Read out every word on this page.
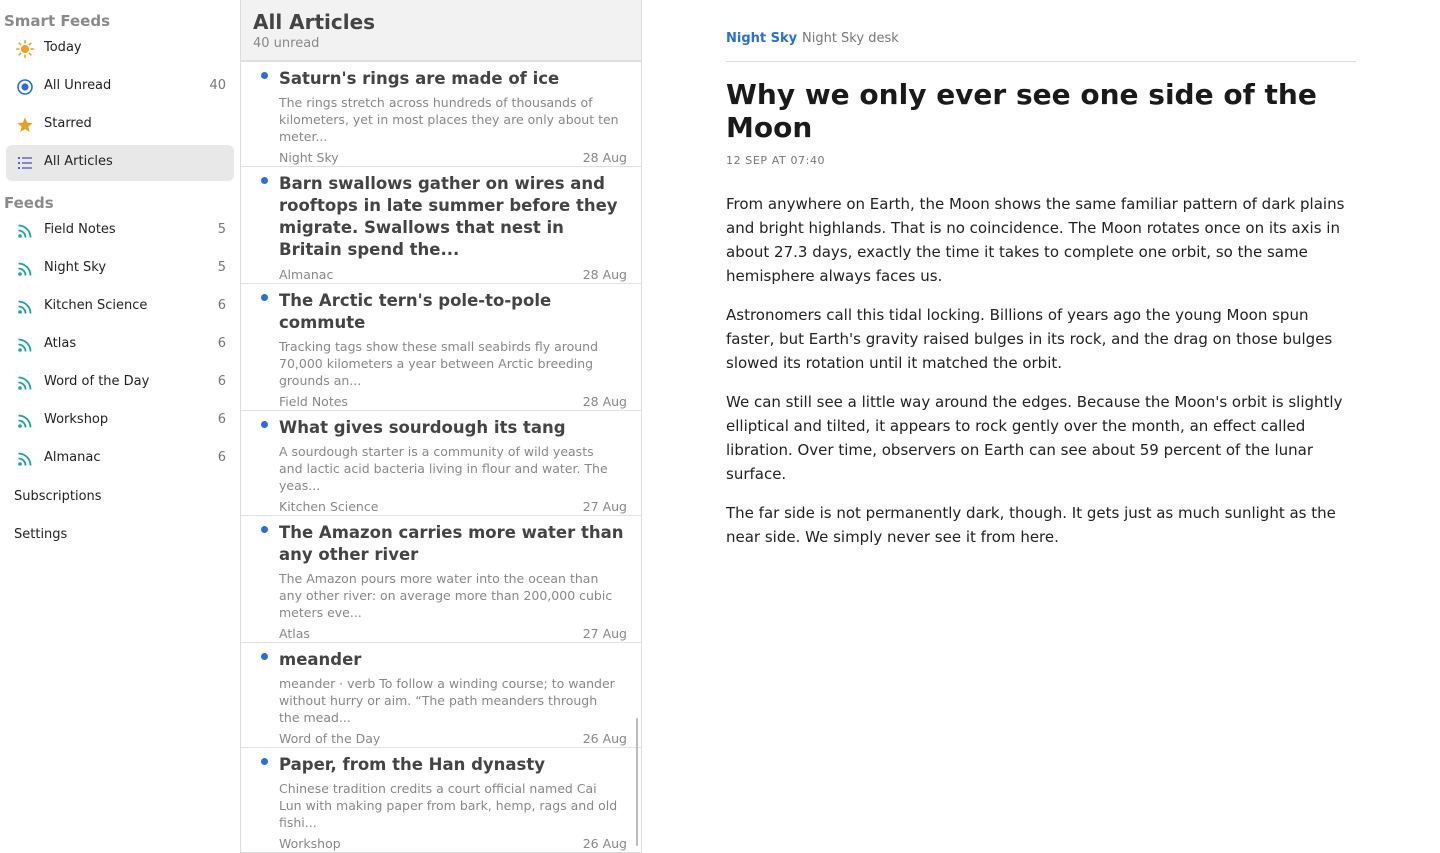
Smart Feeds
Today
All Unread	40
Starred
All Articles
Feeds
Field Notes	5
Night Sky	5
Kitchen Science	6
Atlas	6
Word of the Day	6
Workshop	6
Almanac	6
Subscriptions
Settings
All Articles
40 unread
Saturn's rings are made of ice
The rings stretch across hundreds of thousands of kilometers, yet in most places they are only about ten meter...
Night Sky	28 Aug
Barn swallows gather on wires and rooftops in late summer before they migrate. Swallows that nest in Britain spend the...
Almanac	28 Aug
The Arctic tern's pole-to-pole commute
Tracking tags show these small seabirds fly around 70,000 kilometers a year between Arctic breeding grounds an...
Field Notes	28 Aug
What gives sourdough its tang
A sourdough starter is a community of wild yeasts and lactic acid bacteria living in flour and water. The yeas...
Kitchen Science	27 Aug
The Amazon carries more water than any other river
The Amazon pours more water into the ocean than any other river: on average more than 200,000 cubic meters eve...
Atlas	27 Aug
meander
meander · verb To follow a winding course; to wander without hurry or aim. “The path meanders through the mead...
Word of the Day	26 Aug
Paper, from the Han dynasty
Chinese tradition credits a court official named Cai Lun with making paper from bark, hemp, rags and old fishi...
Workshop	26 Aug
Night Sky Night Sky desk
Why we only ever see one side of the Moon
12 SEP AT 07:40

From anywhere on Earth, the Moon shows the same familiar pattern of dark plains and bright highlands. That is no coincidence. The Moon rotates once on its axis in about 27.3 days, exactly the time it takes to complete one orbit, so the same hemisphere always faces us.

Astronomers call this tidal locking. Billions of years ago the young Moon spun faster, but Earth's gravity raised bulges in its rock, and the drag on those bulges slowed its rotation until it matched the orbit.

We can still see a little way around the edges. Because the Moon's orbit is slightly elliptical and tilted, it appears to rock gently over the month, an effect called libration. Over time, observers on Earth can see about 59 percent of the lunar surface.

The far side is not permanently dark, though. It gets just as much sunlight as the near side. We simply never see it from here.
